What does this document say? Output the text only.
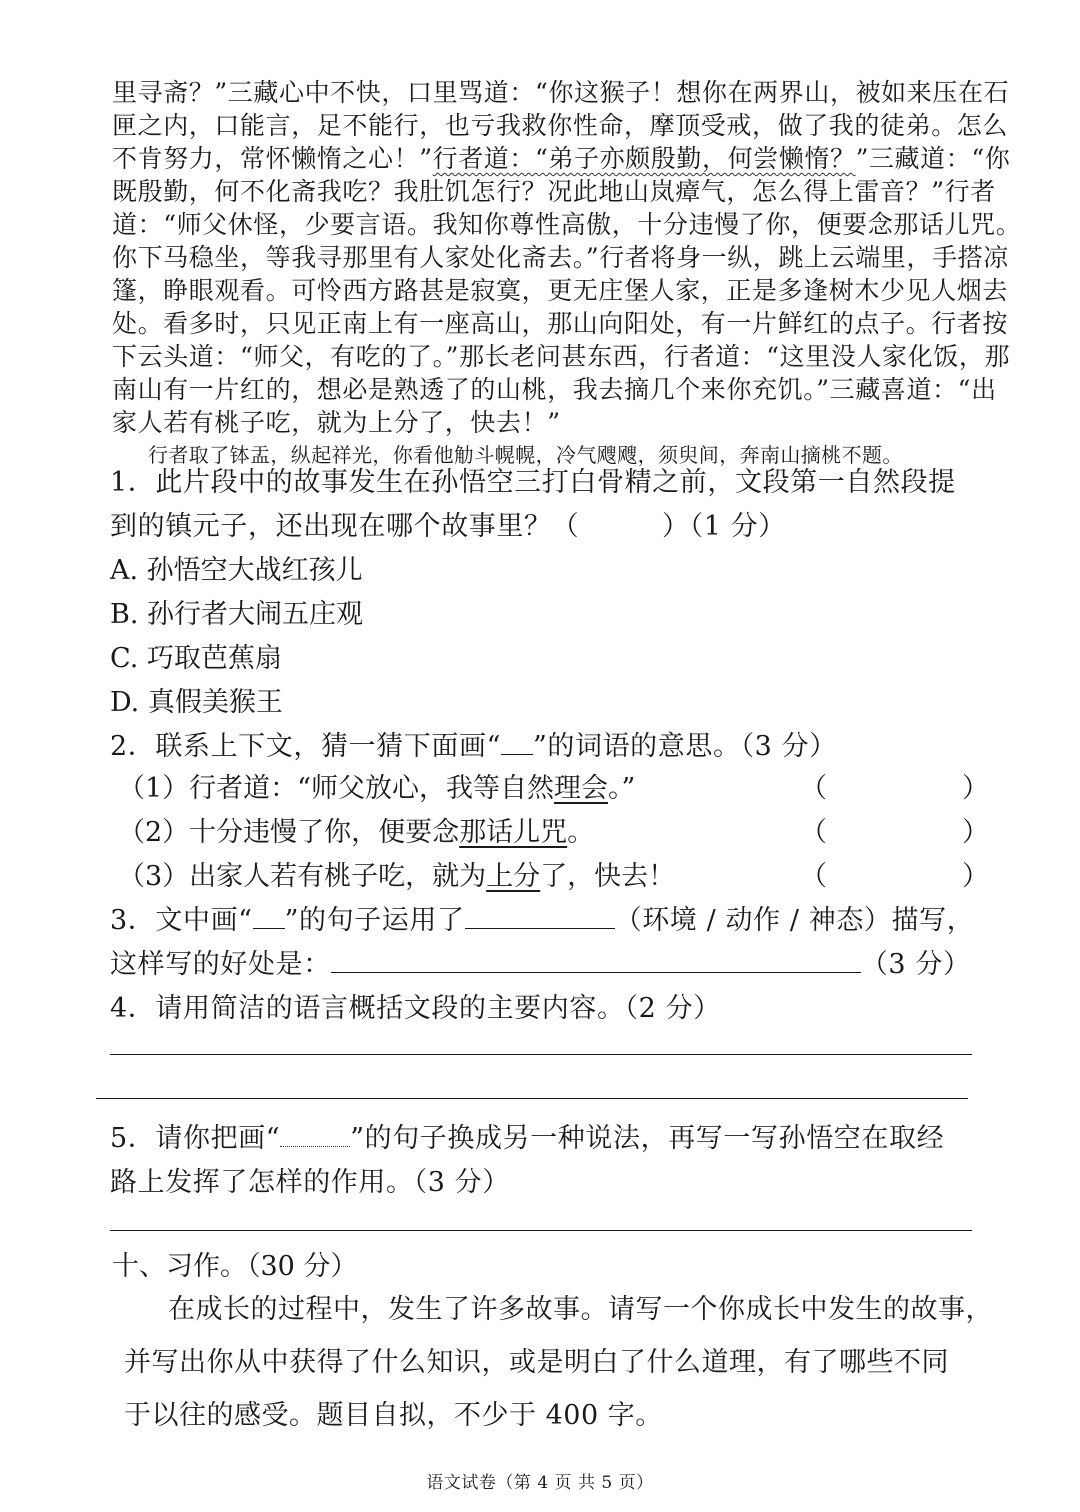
里寻斋？”三藏心中不快，口里骂道：“你这猴子！想你在两界山，被如来压在石
匣之内，口能言，足不能行，也亏我救你性命，摩顶受戒，做了我的徒弟。怎么
不肯努力，常怀懒惰之心！”行者道：“弟子亦颇殷勤，何尝懒惰？”三藏道：“你
既殷勤，何不化斋我吃？我肚饥怎行？况此地山岚瘴气，怎么得上雷音？”行者
道：“师父休怪，少要言语。我知你尊性高傲，十分违慢了你，便要念那话儿咒。
你下马稳坐，等我寻那里有人家处化斋去。”行者将身一纵，跳上云端里，手搭凉
篷，睁眼观看。可怜西方路甚是寂寞，更无庄堡人家，正是多逢树木少见人烟去
处。看多时，只见正南上有一座高山，那山向阳处，有一片鲜红的点子。行者按
下云头道：“师父，有吃的了。”那长老问甚东西，行者道：“这里没人家化饭，那
南山有一片红的，想必是熟透了的山桃，我去摘几个来你充饥。”三藏喜道：“出
家人若有桃子吃，就为上分了，快去！”
行者取了钵盂，纵起祥光，你看他觔斗幌幌，冷气飕飕，须臾间，奔南山摘桃不题。
1．此片段中的故事发生在孙悟空三打白骨精之前，文段第一自然段提
到的镇元子，还出现在哪个故事里？（　　　）（1 分）
A. 孙悟空大战红孩儿
B. 孙行者大闹五庄观
C. 巧取芭蕉扇
D. 真假美猴王
2．联系上下文，猜一猜下面画“ ”的词语的意思。（3 分）
（1）行者道：“师父放心，我等自然理会。”	（　　　　　）
（2）十分违慢了你，便要念那话儿咒。	（　　　　　）
（3）出家人若有桃子吃，就为上分了，快去！	（　　　　　）
3．文中画“ ”的句子运用了	（环境 / 动作 / 神态）描写，
这样写的好处是：	（3 分）
4．请用简洁的语言概括文段的主要内容。（2 分）
5．请你把画“	”的句子换成另一种说法，再写一写孙悟空在取经
路上发挥了怎样的作用。（3 分）
十、习作。（30 分）
在成长的过程中，发生了许多故事。请写一个你成长中发生的故事，
并写出你从中获得了什么知识，或是明白了什么道理，有了哪些不同
于以往的感受。题目自拟，不少于 400 字。
语文试卷（第 4 页 共 5 页）
